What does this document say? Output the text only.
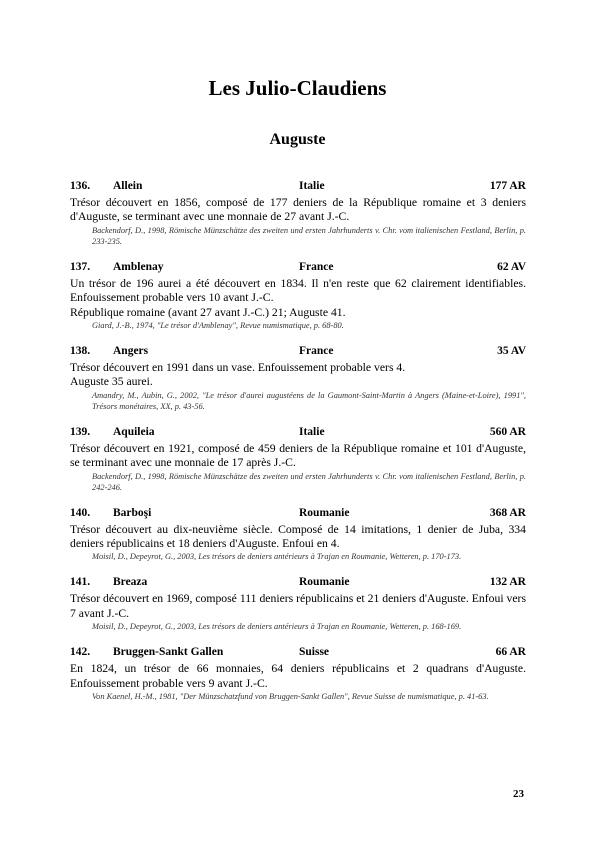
Les Julio-Claudiens
Auguste
136. Allein	Italie	177 AR

Trésor découvert en 1856, composé de 177 deniers de la République romaine et 3 deniers d'Auguste, se terminant avec une monnaie de 27 avant J.-C.

Backendorf, D., 1998, Römische Münzschätze des zweiten und ersten Jahrhunderts v. Chr. vom italienischen Festland, Berlin, p. 233-235.

137. Amblenay	France	62 AV

Un trésor de 196 aurei a été découvert en 1834. Il n'en reste que 62 clairement identifiables. Enfouissement probable vers 10 avant J.-C.

République romaine (avant 27 avant J.-C.) 21; Auguste 41.

Giard, J.-B., 1974, "Le trésor d'Amblenay", Revue numismatique, p. 68-80.

138. Angers	France	35 AV

Trésor découvert en 1991 dans un vase. Enfouissement probable vers 4.

Auguste 35 aurei.

Amandry, M., Aubin, G., 2002, "Le trésor d'aurei augustéens de la Gaumont-Saint-Martin à Angers (Maine-et-Loire), 1991", Trésors monétaires, XX, p. 43-56.

139. Aquileia	Italie	560 AR

Trésor découvert en 1921, composé de 459 deniers de la République romaine et 101 d'Auguste, se terminant avec une monnaie de 17 après J.-C.

Backendorf, D., 1998, Römische Münzschätze des zweiten und ersten Jahrhunderts v. Chr. vom italienischen Festland, Berlin, p. 242-246.

140. Barboşi	Roumanie	368 AR

Trésor découvert au dix-neuvième siècle. Composé de 14 imitations, 1 denier de Juba, 334 deniers républicains et 18 deniers d'Auguste. Enfoui en 4.

Moisil, D., Depeyrot, G., 2003, Les trésors de deniers antérieurs à Trajan en Roumanie, Wetteren, p. 170-173.

141. Breaza	Roumanie	132 AR

Trésor découvert en 1969, composé 111 deniers républicains et 21 deniers d'Auguste. Enfoui vers 7 avant J.-C.

Moisil, D., Depeyrot, G., 2003, Les trésors de deniers antérieurs à Trajan en Roumanie, Wetteren, p. 168-169.

142. Bruggen-Sankt Gallen	Suisse	66 AR

En 1824, un trésor de 66 monnaies, 64 deniers républicains et 2 quadrans d'Auguste. Enfouissement probable vers 9 avant J.-C.

Von Kaenel, H.-M., 1981, "Der Münzschatzfund von Bruggen-Sankt Gallen", Revue Suisse de numismatique, p. 41-63.

23
